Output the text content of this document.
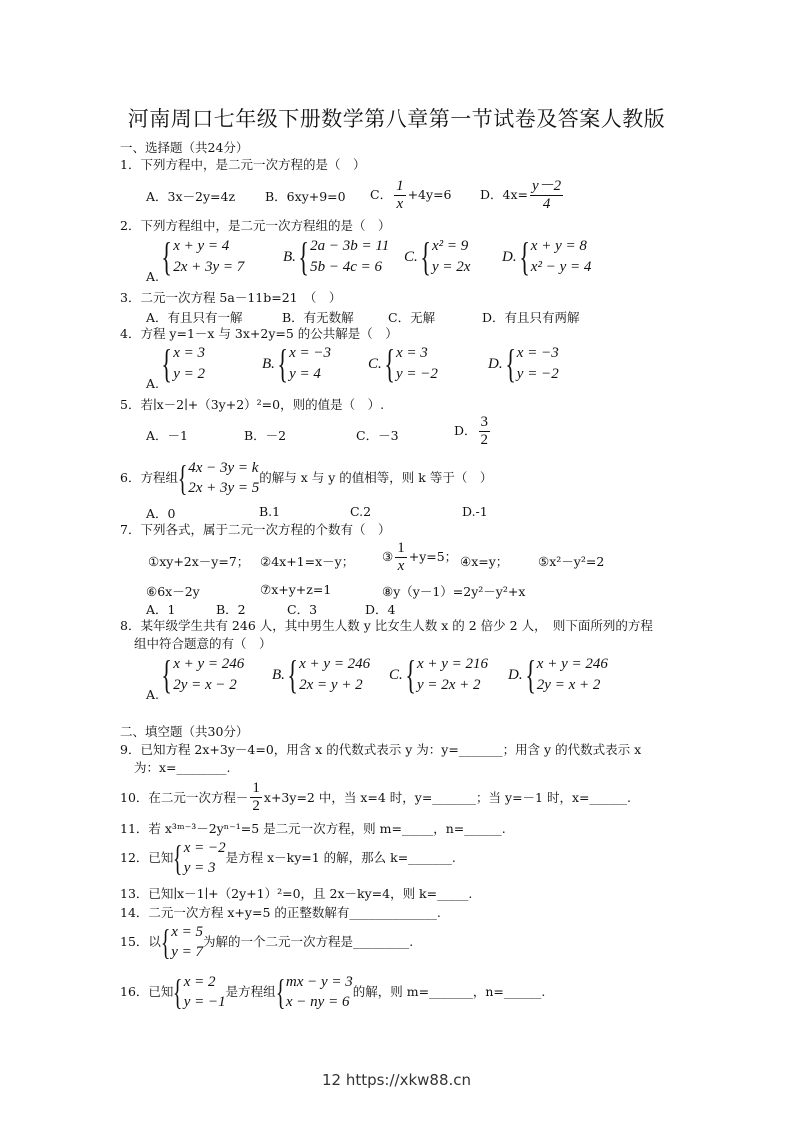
河南周口七年级下册数学第八章第一节试卷及答案人教版
一、选择题（共24分）
1．下列方程中，是二元一次方程的是（　）
A．3x－2y=4z B．6xy+9=0 C． $\frac{1}{x} +4y=6$ D．$4x= \frac{y-2}{4}$
2．下列方程组中，是二元一次方程组的是（　）
A. { x + y = 4
2x + 3y = 7
B. { 2a − 3b = 11
5b − 4c = 6
C. { x² = 9
y = 2x
D. { x + y = 8
x² − y = 4
3．二元一次方程 5a－11b=21　（　）
A．有且只有一解	B．有无数解	C．无解	D．有且只有两解
4．方程 y=1－x 与 3x+2y=5 的公共解是（　）
A. { x = 3
y = 2
B. { x = −3
y = 4
C. { x = 3
y = −2
D. { x = −3
y = −2
5．若∣x－2∣+（3y+2）²=0，则的值是（　）.
A．－1	B．－2	C．－3	D． $\frac{3}{2}$
6．方程组 { 4x − 3y = k
2x + 3y = 5
的解与 x 与 y 的值相等，则 k 等于（　）
A．0	B.1	C.2	D.-1
7．下列各式，属于二元一次方程的个数有（　）
①xy+2x－y=7； ②4x+1=x－y； ③ $\frac{1}{x} +y=5$； ④x=y； ⑤x²－y²=2
⑥6x－2y	⑦x+y+z=1	⑧y（y－1）=2y²－y²+x
A．1	B．2	C．3	D．4
8．某年级学生共有 246 人，其中男生人数 y 比女生人数 x 的 2 倍少 2 人，　则下面所列的方程
组中符合题意的有（　）
A. { x + y = 246
2y = x − 2
B. { x + y = 246
2x = y + 2
C. { x + y = 216
y = 2x + 2
D. { x + y = 246
2y = x + 2
二、填空题（共30分）
9．已知方程 2x+3y－4=0，用含 x 的代数式表示 y 为：y=_______；用含 y 的代数式表示 x
为：x=________.
10．在二元一次方程－ $\frac{1}{2} x+3y=2$ 中，当 x=4 时，y=_______；当 y=－1 时，x=______.
11．若 x³ᵐ⁻³－2yⁿ⁻¹=5 是二元一次方程，则 m=_____，n=______.
12．已知 { x = −2
y = 3
是方程 x－ky=1 的解，那么 k=_______.
13．已知∣x－1∣+（2y+1）²=0，且 2x－ky=4，则 k=_____.
14．二元一次方程 x+y=5 的正整数解有______________.
15．以 { x = 5
y = 7
为解的一个二元一次方程是_________.
16．已知 { x = 2
y = −1
是方程组 { mx − y = 3
x − ny = 6
的解，则 m=_______，n=______.
12 https://xkw88.cn
